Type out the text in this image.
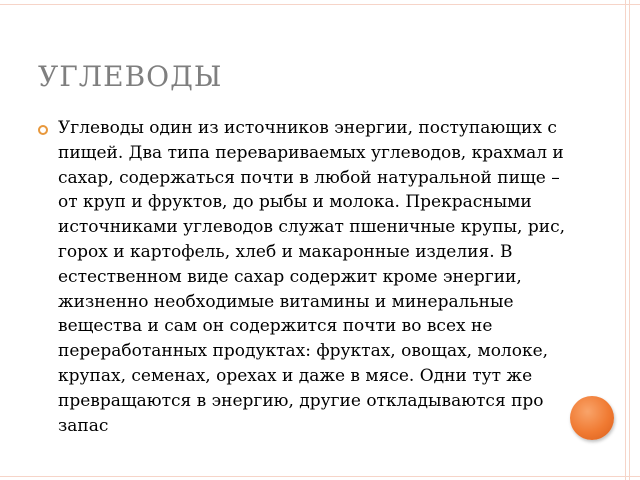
УГЛЕВОДЫ
Углеводы один из источников энергии, поступающих с пищей. Два типа перевариваемых углеводов, крахмал и сахар, содержаться почти в любой натуральной пище – от круп и фруктов, до рыбы и молока. Прекрасными источниками углеводов служат пшеничные крупы, рис, горох и картофель, хлеб и макаронные изделия. В естественном виде сахар содержит кроме энергии, жизненно необходимые витамины и минеральные вещества и сам он содержится почти во всех не переработанных продуктах: фруктах, овощах, молоке, крупах, семенах, орехах и даже в мясе. Одни тут же превращаются в энергию, другие откладываются про запас
